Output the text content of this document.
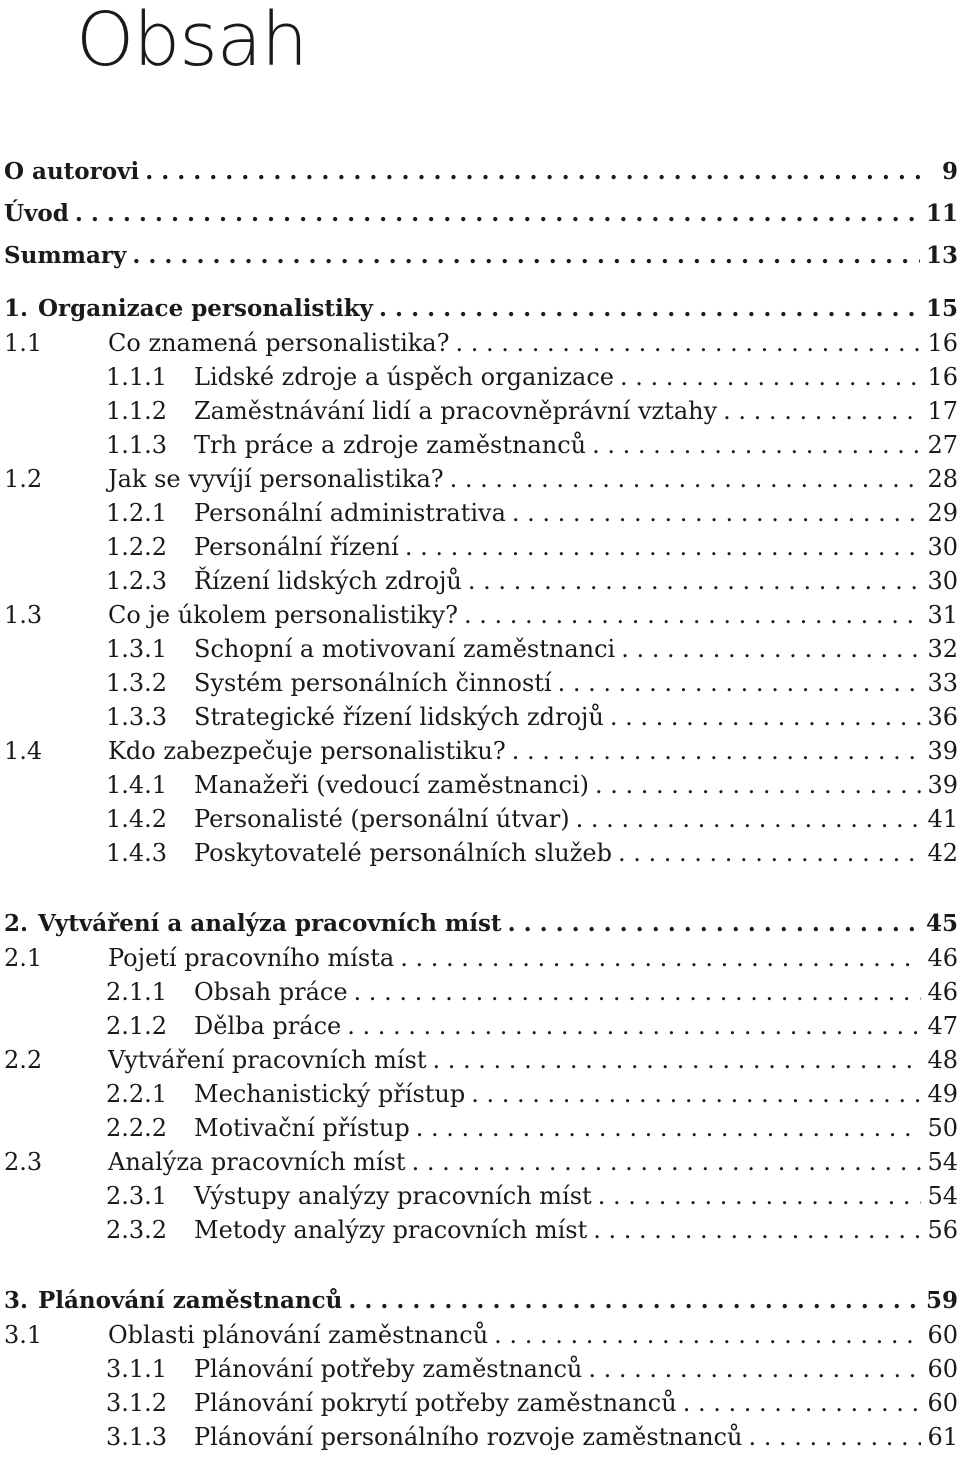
Obsah
O autorovi . . .	9
Úvod . . .	11
Summary . . .	13
1. Organizace personalistiky . . .	15
1.1	Co znamená personalistika? . . .	16
1.1.1	Lidské zdroje a úspěch organizace . . .	16
1.1.2	Zaměstnávání lidí a pracovněprávní vztahy . . .	17
1.1.3	Trh práce a zdroje zaměstnanců . . .	27
1.2	Jak se vyvíjí personalistika? . . .	28
1.2.1	Personální administrativa . . .	29
1.2.2	Personální řízení . . .	30
1.2.3	Řízení lidských zdrojů . . .	30
1.3	Co je úkolem personalistiky? . . .	31
1.3.1	Schopní a motivovaní zaměstnanci . . .	32
1.3.2	Systém personálních činností . . .	33
1.3.3	Strategické řízení lidských zdrojů . . .	36
1.4	Kdo zabezpečuje personalistiku? . . .	39
1.4.1	Manažeři (vedoucí zaměstnanci) . . .	39
1.4.2	Personalisté (personální útvar) . . .	41
1.4.3	Poskytovatelé personálních služeb . . .	42
2. Vytváření a analýza pracovních míst . . .	45
2.1	Pojetí pracovního místa . . .	46
2.1.1	Obsah práce . . .	46
2.1.2	Dělba práce . . .	47
2.2	Vytváření pracovních míst . . .	48
2.2.1	Mechanistický přístup . . .	49
2.2.2	Motivační přístup . . .	50
2.3	Analýza pracovních míst . . .	54
2.3.1	Výstupy analýzy pracovních míst . . .	54
2.3.2	Metody analýzy pracovních míst . . .	56
3. Plánování zaměstnanců . . .	59
3.1	Oblasti plánování zaměstnanců . . .	60
3.1.1	Plánování potřeby zaměstnanců . . .	60
3.1.2	Plánování pokrytí potřeby zaměstnanců . . .	60
3.1.3	Plánování personálního rozvoje zaměstnanců . . .	61
